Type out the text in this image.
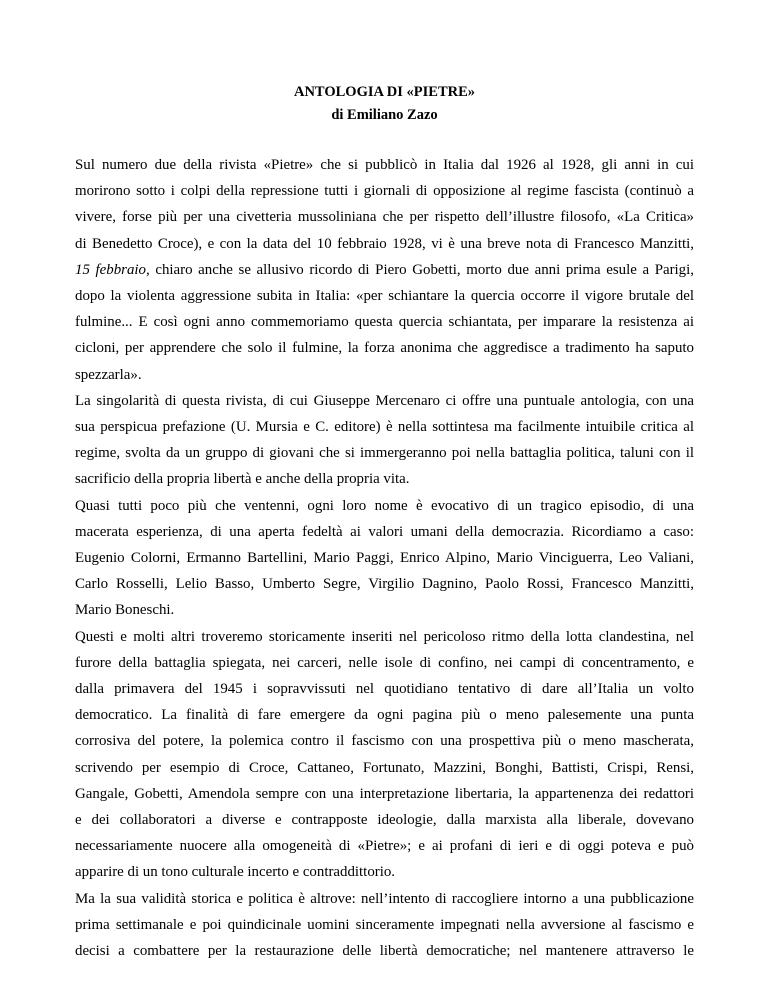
ANTOLOGIA DI «PIETRE»
di Emiliano Zazo

Sul numero due della rivista «Pietre» che si pubblicò in Italia dal 1926 al 1928, gli anni in cui
morirono sotto i colpi della repressione tutti i giornali di opposizione al regime fascista (continuò a
vivere, forse più per una civetteria mussoliniana che per rispetto dell’illustre filosofo, «La Critica»
di Benedetto Croce), e con la data del 10 febbraio 1928, vi è una breve nota di Francesco Manzitti,
15 febbraio, chiaro anche se allusivo ricordo di Piero Gobetti, morto due anni prima esule a Parigi,
dopo la violenta aggressione subita in Italia: «per schiantare la quercia occorre il vigore brutale del
fulmine... E così ogni anno commemoriamo questa quercia schiantata, per imparare la resistenza ai
cicloni, per apprendere che solo il fulmine, la forza anonima che aggredisce a tradimento ha saputo
spezzarla».

La singolarità di questa rivista, di cui Giuseppe Mercenaro ci offre una puntuale antologia, con una
sua perspicua prefazione (U. Mursia e C. editore) è nella sottintesa ma facilmente intuibile critica al
regime, svolta da un gruppo di giovani che si immergeranno poi nella battaglia politica, taluni con il
sacrificio della propria libertà e anche della propria vita.

Quasi tutti poco più che ventenni, ogni loro nome è evocativo di un tragico episodio, di una
macerata esperienza, di una aperta fedeltà ai valori umani della democrazia. Ricordiamo a caso:
Eugenio Colorni, Ermanno Bartellini, Mario Paggi, Enrico Alpino, Mario Vinciguerra, Leo Valiani,
Carlo Rosselli, Lelio Basso, Umberto Segre, Virgilio Dagnino, Paolo Rossi, Francesco Manzitti,
Mario Boneschi.

Questi e molti altri troveremo storicamente inseriti nel pericoloso ritmo della lotta clandestina, nel
furore della battaglia spiegata, nei carceri, nelle isole di confino, nei campi di concentramento, e
dalla primavera del 1945 i sopravvissuti nel quotidiano tentativo di dare all’Italia un volto
democratico. La finalità di fare emergere da ogni pagina più o meno palesemente una punta
corrosiva del potere, la polemica contro il fascismo con una prospettiva più o meno mascherata,
scrivendo per esempio di Croce, Cattaneo, Fortunato, Mazzini, Bonghi, Battisti, Crispi, Rensi,
Gangale, Gobetti, Amendola sempre con una interpretazione libertaria, la appartenenza dei redattori
e dei collaboratori a diverse e contrapposte ideologie, dalla marxista alla liberale, dovevano
necessariamente nuocere alla omogeneità di «Pietre»; e ai profani di ieri e di oggi poteva e può
apparire di un tono culturale incerto e contraddittorio.

Ma la sua validità storica e politica è altrove: nell’intento di raccogliere intorno a una pubblicazione
prima settimanale e poi quindicinale uomini sinceramente impegnati nella avversione al fascismo e
decisi a combattere per la restaurazione delle libertà democratiche; nel mantenere attraverso le
